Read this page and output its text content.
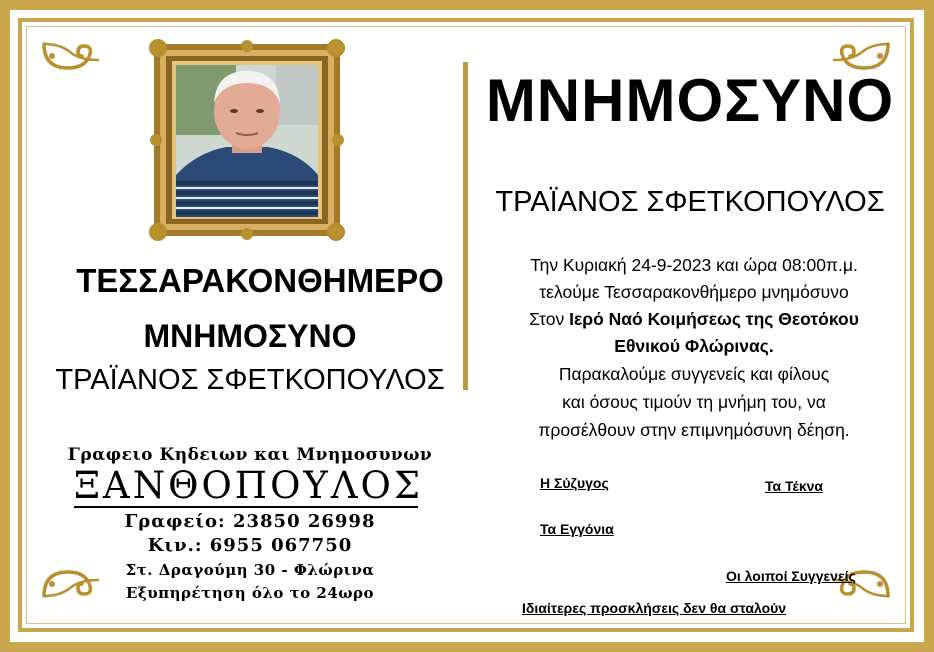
ΤΕΣΣΑΡΑΚΟΝΘΗΜΕΡΟ
ΜΝΗΜΟΣΥΝΟ
ΤΡΑΪΑΝΟΣ ΣΦΕΤΚΟΠΟΥΛΟΣ
Γραφειο Κηδειων και Μνημοσυνων
ΞΑΝΘΟΠΟΥΛΟΣ
Γραφείο: 23850 26998
Κιν.: 6955 067750
Στ. Δραγούμη 30 - Φλώρινα
Εξυπηρέτηση όλο το 24ωρο
ΜΝΗΜΟΣΥΝΟ
ΤΡΑΪΑΝΟΣ ΣΦΕΤΚΟΠΟΥΛΟΣ
Την Κυριακή 24-9-2023 και ώρα 08:00π.μ.
τελούμε Τεσσαρακονθήμερο μνημόσυνο
Στον Ιερό Ναό Κοιμήσεως της Θεοτόκου
Εθνικού Φλώρινας.
Παρακαλούμε συγγενείς και φίλους
και όσους τιμούν τη μνήμη του, να
προσέλθουν στην επιμνημόσυνη δέηση.
Η Σύζυγος	Τα Τέκνα
Τα Εγγόνια
Οι λοιποί Συγγενείς
Ιδιαίτερες προσκλήσεις δεν θα σταλούν
